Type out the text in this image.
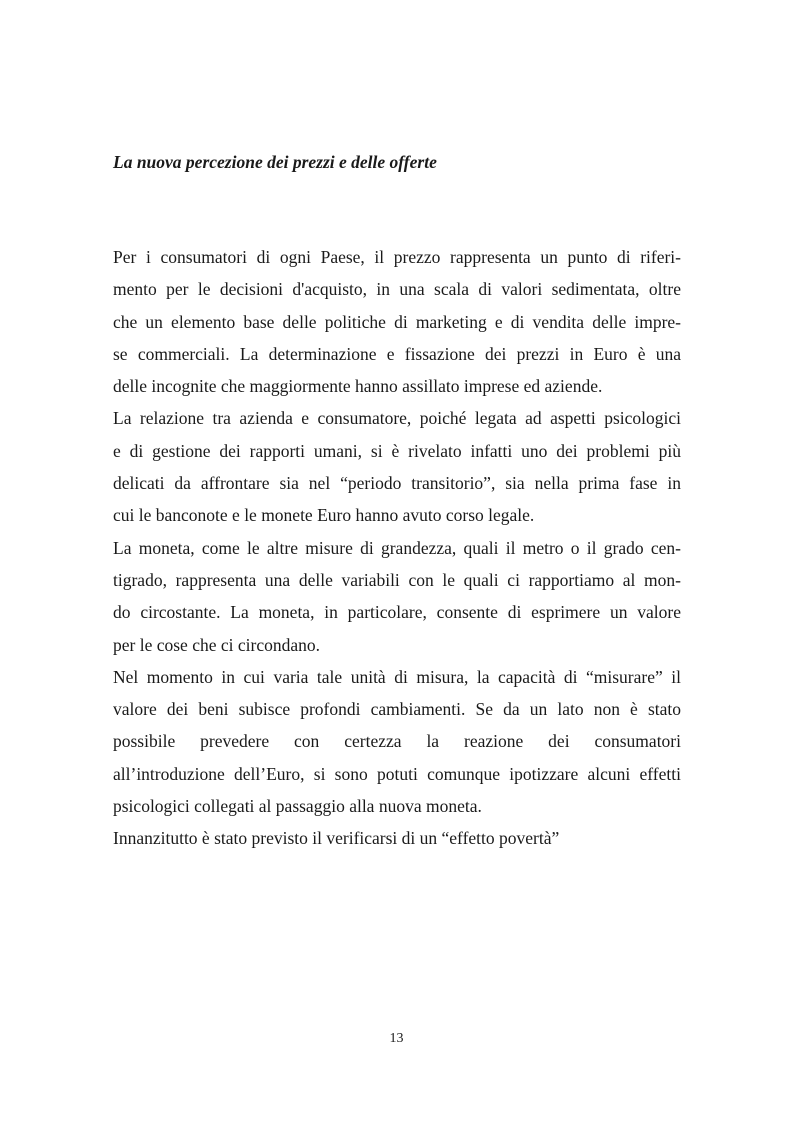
La nuova percezione dei prezzi e delle offerte
Per i consumatori di ogni Paese, il prezzo rappresenta un punto di riferi-
mento per le decisioni d'acquisto, in una scala di valori sedimentata, oltre
che un elemento base delle politiche di marketing e di vendita delle impre-
se commerciali. La determinazione e fissazione dei prezzi in Euro è una
delle incognite che maggiormente hanno assillato imprese ed aziende.
La relazione tra azienda e consumatore, poiché legata ad aspetti psicologici
e di gestione dei rapporti umani, si è rivelato infatti uno dei problemi più
delicati da affrontare sia nel “periodo transitorio”, sia nella prima fase in
cui le banconote e le monete Euro hanno avuto corso legale.
La moneta, come le altre misure di grandezza, quali il metro o il grado cen-
tigrado, rappresenta una delle variabili con le quali ci rapportiamo al mon-
do circostante. La moneta, in particolare, consente di esprimere un valore
per le cose che ci circondano.
Nel momento in cui varia tale unità di misura, la capacità di “misurare” il
valore dei beni subisce profondi cambiamenti. Se da un lato non è stato
possibile prevedere con certezza la reazione dei consumatori
all’introduzione dell’Euro, si sono potuti comunque ipotizzare alcuni effetti
psicologici collegati al passaggio alla nuova moneta.
Innanzitutto è stato previsto il verificarsi di un “effetto povertà”
13
